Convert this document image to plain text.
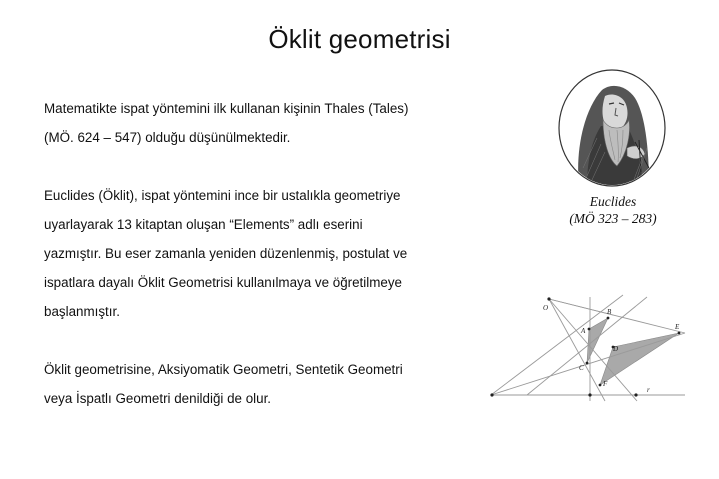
Öklit geometrisi

Matematikte ispat yöntemini ilk kullanan kişinin Thales (Tales)
(MÖ. 624 – 547) olduğu düşünülmektedir.

Euclides (Öklit), ispat yöntemini ince bir ustalıkla geometriye
uyarlayarak 13 kitaptan oluşan “Elements” adlı eserini
yazmıştır. Bu eser zamanla yeniden düzenlenmiş, postulat ve
ispatlara dayalı Öklit Geometrisi kullanılmaya ve öğretilmeye
başlanmıştır.

Öklit geometrisine, Aksiyomatik Geometri, Sentetik Geometri
veya İspatlı Geometri denildiği de olur.

Euclides
(MÖ 323 – 283)
O
A
B
C
D
E
F
r
